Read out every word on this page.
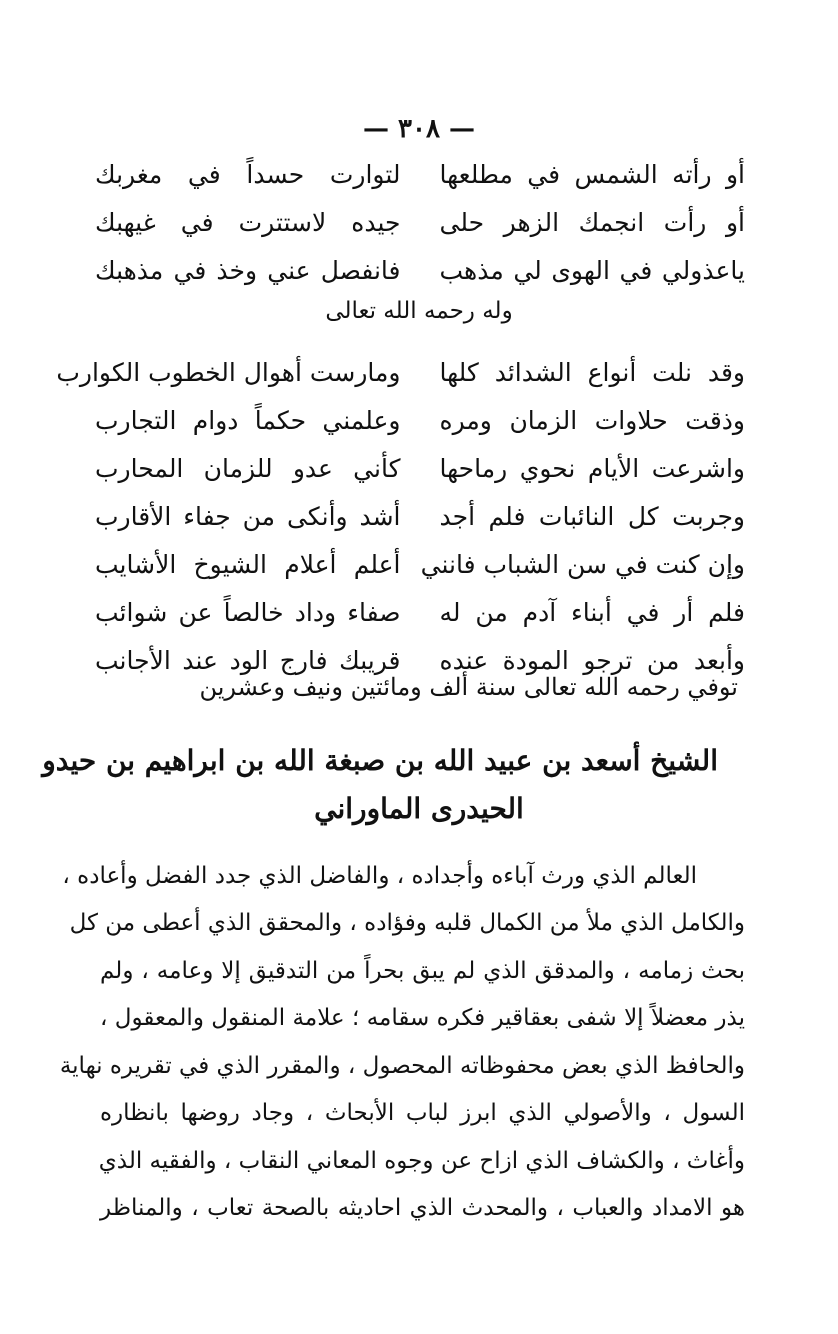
— ٣٠٨ —
أو رأته الشمس في مطلعها
لتوارت حسداً في مغربك
أو رأت انجمك الزهر حلى
جيده لاستترت في غيهبك
ياعذولي في الهوى لي مذهب
فانفصل عني وخذ في مذهبك
وله رحمه الله تعالى
وقد نلت أنواع الشدائد كلها
ومارست أهوال الخطوب الكوارب
وذقت حلاوات الزمان ومره
وعلمني حكماً دوام التجارب
واشرعت الأيام نحوي رماحها
كأني عدو للزمان المحارب
وجربت كل النائبات فلم أجد
أشد وأنكى من جفاء الأقارب
وإن كنت في سن الشباب فانني
أعلم أعلام الشيوخ الأشايب
فلم أر في أبناء آدم من له
صفاء وداد خالصاً عن شوائب
وأبعد من ترجو المودة عنده
قريبك فارج الود عند الأجانب
توفي رحمه الله تعالى سنة ألف ومائتين ونيف وعشرين
الشيخ أسعد بن عبيد الله بن صبغة الله بن ابراهيم بن حيدو
الحيدرى الماوراني
العالم الذي ورث آباءه وأجداده ، والفاضل الذي جدد الفضل وأعاده ،
والكامل الذي ملأ من الكمال قلبه وفؤاده ، والمحقق الذي أعطى من كل
بحث زمامه ، والمدقق الذي لم يبق بحراً من التدقيق إلا وعامه ، ولم
يذر معضلاً إلا شفى بعقاقير فكره سقامه ؛ علامة المنقول والمعقول ،
والحافظ الذي بعض محفوظاته المحصول ، والمقرر الذي في تقريره نهاية
السول ، والأصولي الذي ابرز لباب الأبحاث ، وجاد روضها بانظاره
وأغاث ، والكشاف الذي ازاح عن وجوه المعاني النقاب ، والفقيه الذي
هو الامداد والعباب ، والمحدث الذي احاديثه بالصحة تعاب ، والمناظر
